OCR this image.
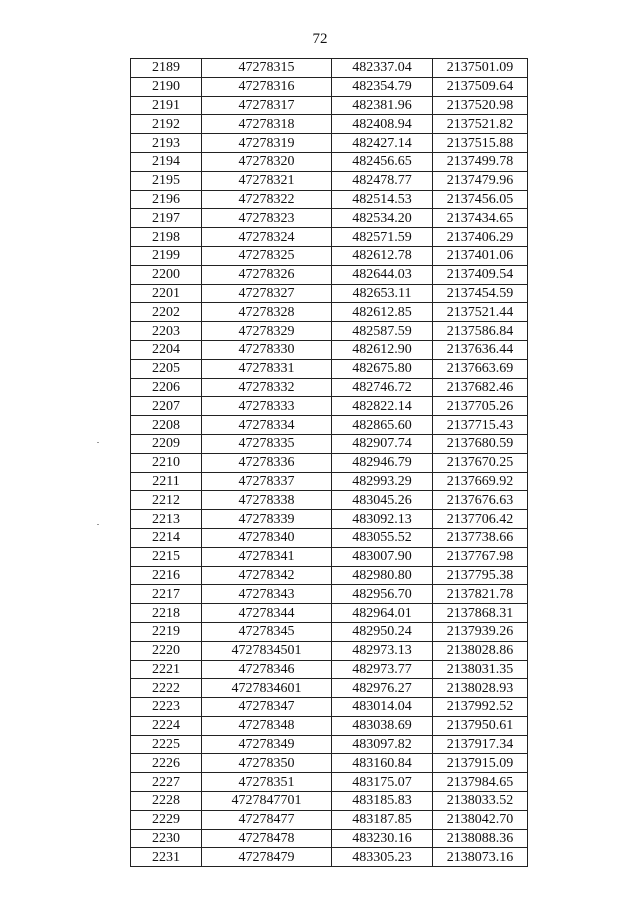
72
2189	47278315	482337.04	2137501.09
2190	47278316	482354.79	2137509.64
2191	47278317	482381.96	2137520.98
2192	47278318	482408.94	2137521.82
2193	47278319	482427.14	2137515.88
2194	47278320	482456.65	2137499.78
2195	47278321	482478.77	2137479.96
2196	47278322	482514.53	2137456.05
2197	47278323	482534.20	2137434.65
2198	47278324	482571.59	2137406.29
2199	47278325	482612.78	2137401.06
2200	47278326	482644.03	2137409.54
2201	47278327	482653.11	2137454.59
2202	47278328	482612.85	2137521.44
2203	47278329	482587.59	2137586.84
2204	47278330	482612.90	2137636.44
2205	47278331	482675.80	2137663.69
2206	47278332	482746.72	2137682.46
2207	47278333	482822.14	2137705.26
2208	47278334	482865.60	2137715.43
2209	47278335	482907.74	2137680.59
2210	47278336	482946.79	2137670.25
2211	47278337	482993.29	2137669.92
2212	47278338	483045.26	2137676.63
2213	47278339	483092.13	2137706.42
2214	47278340	483055.52	2137738.66
2215	47278341	483007.90	2137767.98
2216	47278342	482980.80	2137795.38
2217	47278343	482956.70	2137821.78
2218	47278344	482964.01	2137868.31
2219	47278345	482950.24	2137939.26
2220	4727834501	482973.13	2138028.86
2221	47278346	482973.77	2138031.35
2222	4727834601	482976.27	2138028.93
2223	47278347	483014.04	2137992.52
2224	47278348	483038.69	2137950.61
2225	47278349	483097.82	2137917.34
2226	47278350	483160.84	2137915.09
2227	47278351	483175.07	2137984.65
2228	4727847701	483185.83	2138033.52
2229	47278477	483187.85	2138042.70
2230	47278478	483230.16	2138088.36
2231	47278479	483305.23	2138073.16
